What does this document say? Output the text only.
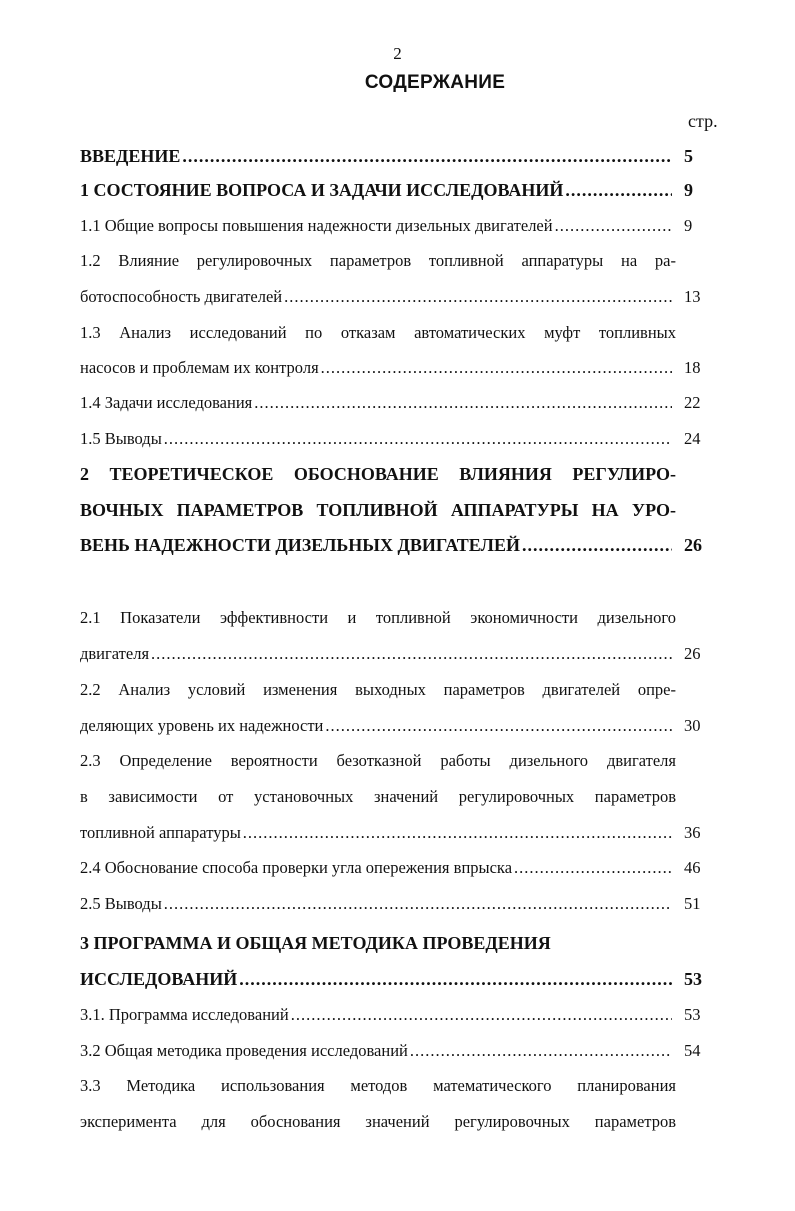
2
СОДЕРЖАНИЕ
стр.
ВВЕДЕНИЕ .....	5
1 СОСТОЯНИЕ ВОПРОСА И ЗАДАЧИ ИССЛЕДОВАНИЙ .....	9
1.1 Общие вопросы повышения надежности дизельных двигателей .....	9
1.2 Влияние регулировочных параметров топливной аппаратуры на ра-
ботоспособность двигателей .....	13
1.3 Анализ исследований по отказам автоматических муфт топливных
насосов и проблемам их контроля .....	18
1.4 Задачи исследования .....	22
1.5 Выводы .....	24
2 ТЕОРЕТИЧЕСКОЕ ОБОСНОВАНИЕ ВЛИЯНИЯ РЕГУЛИРО-
ВОЧНЫХ ПАРАМЕТРОВ ТОПЛИВНОЙ АППАРАТУРЫ НА УРО-
ВЕНЬ НАДЕЖНОСТИ ДИЗЕЛЬНЫХ ДВИГАТЕЛЕЙ .....	26
2.1 Показатели эффективности и топливной экономичности дизельного
двигателя .....	26
2.2 Анализ условий изменения выходных параметров двигателей опре-
деляющих уровень их надежности .....	30
2.3 Определение вероятности безотказной работы дизельного двигателя
в зависимости от установочных значений регулировочных параметров
топливной аппаратуры .....	36
2.4 Обоснование способа проверки угла опережения впрыска .....	46
2.5 Выводы .....	51
3 ПРОГРАММА И ОБЩАЯ МЕТОДИКА ПРОВЕДЕНИЯ
ИССЛЕДОВАНИЙ .....	53
3.1. Программа исследований .....	53
3.2 Общая методика проведения исследований .....	54
3.3 Методика использования методов математического планирования
эксперимента для обоснования значений регулировочных параметров
